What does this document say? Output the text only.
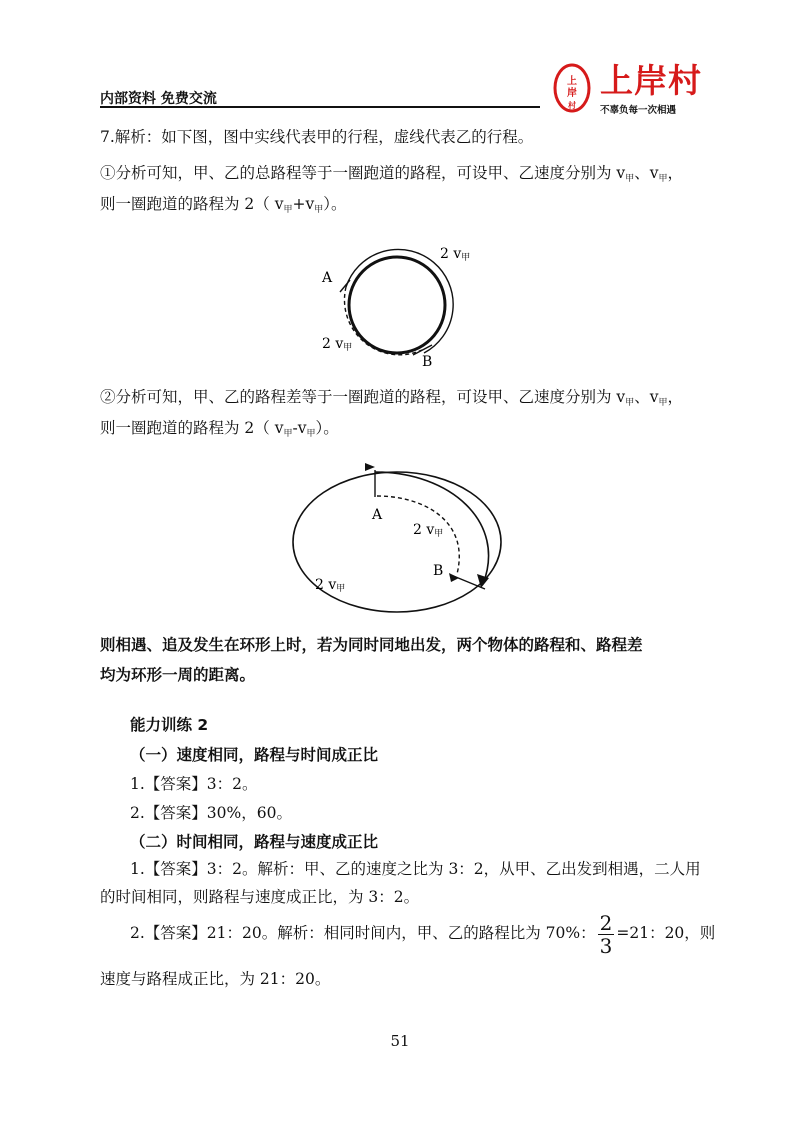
内部资料 免费交流
上
岸
村
上岸村
不辜负每一次相遇
7.解析：如下图，图中实线代表甲的行程，虚线代表乙的行程。
①分析可知，甲、乙的总路程等于一圈跑道的路程，可设甲、乙速度分别为 $v_甲$、$v_甲$，
则一圈跑道的路程为 2（ $v_甲+v_甲$）。
A
B
2 v甲
2 v甲
②分析可知，甲、乙的路程差等于一圈跑道的路程，可设甲、乙速度分别为 $v_甲$、$v_甲$，
则一圈跑道的路程为 2（ $v_甲-v_甲$）。
A
B
2 v甲
2 v甲
则相遇、追及发生在环形上时，若为同时同地出发，两个物体的路程和、路程差
均为环形一周的距离。
能力训练 2
（一）速度相同，路程与时间成正比
1.【答案】3：2。
2.【答案】30%，60。
（二）时间相同，路程与速度成正比
1.【答案】3：2。解析：甲、乙的速度之比为 3：2，从甲、乙出发到相遇，二人用
的时间相同，则路程与速度成正比，为 3：2。
2.【答案】21：20。解析：相同时间内，甲、乙的路程比为 70%： $\frac{2}{3} =21$：20，则
速度与路程成正比，为 21：20。
51
